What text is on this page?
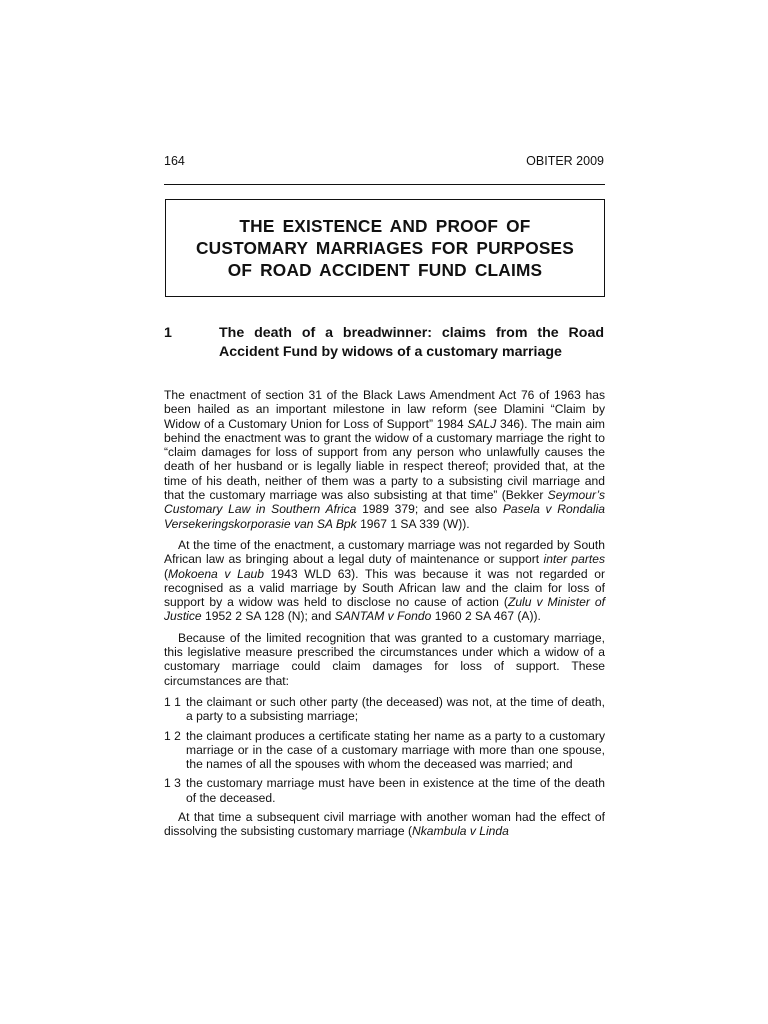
164	OBITER 2009
THE EXISTENCE AND PROOF OF
CUSTOMARY MARRIAGES FOR PURPOSES
OF ROAD ACCIDENT FUND CLAIMS
1	The death of a breadwinner: claims from the Road Accident Fund by widows of a customary marriage

The enactment of section 31 of the Black Laws Amendment Act 76 of 1963 has been hailed as an important milestone in law reform (see Dlamini “Claim by Widow of a Customary Union for Loss of Support” 1984 SALJ 346). The main aim behind the enactment was to grant the widow of a customary marriage the right to “claim damages for loss of support from any person who unlawfully causes the death of her husband or is legally liable in respect thereof; provided that, at the time of his death, neither of them was a party to a subsisting civil marriage and that the customary marriage was also subsisting at that time” (Bekker Seymour’s Customary Law in Southern Africa 1989 379; and see also Pasela v Rondalia Versekeringskorporasie van SA Bpk 1967 1 SA 339 (W)).

At the time of the enactment, a customary marriage was not regarded by South African law as bringing about a legal duty of maintenance or support inter partes (Mokoena v Laub 1943 WLD 63). This was because it was not regarded or recognised as a valid marriage by South African law and the claim for loss of support by a widow was held to disclose no cause of action (Zulu v Minister of Justice 1952 2 SA 128 (N); and SANTAM v Fondo 1960 2 SA 467 (A)).

Because of the limited recognition that was granted to a customary marriage, this legislative measure prescribed the circumstances under which a widow of a customary marriage could claim damages for loss of support. These circumstances are that:

1 1 the claimant or such other party (the deceased) was not, at the time of death, a party to a subsisting marriage;
1 2 the claimant produces a certificate stating her name as a party to a customary marriage or in the case of a customary marriage with more than one spouse, the names of all the spouses with whom the deceased was married; and
1 3 the customary marriage must have been in existence at the time of the death of the deceased.

At that time a subsequent civil marriage with another woman had the effect of dissolving the subsisting customary marriage (Nkambula v Linda
